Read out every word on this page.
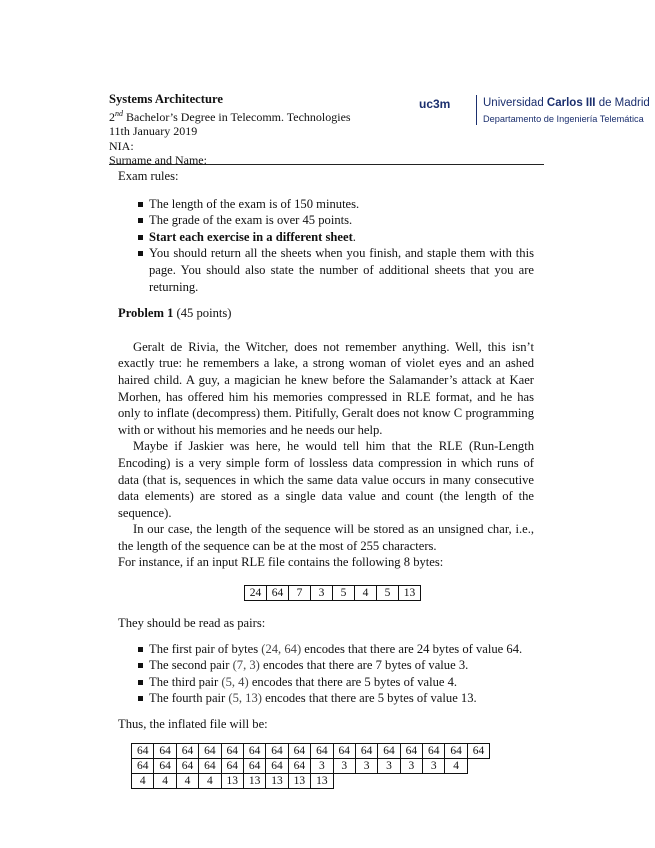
Systems Architecture
2nd Bachelor’s Degree in Telecomm. Technologies
11th January 2019
NIA:
Surname and Name:
uc3m	Universidad Carlos III de Madrid
Departamento de Ingeniería Telemática

Exam rules:

The length of the exam is of 150 minutes.
The grade of the exam is over 45 points.
Start each exercise in a different sheet.
You should return all the sheets when you finish, and staple them with this page. You should also state the number of additional sheets that you are returning.

Problem 1 (45 points)

Geralt de Rivia, the Witcher, does not remember anything. Well, this isn’t exactly true: he remembers a lake, a strong woman of violet eyes and an ashed haired child. A guy, a magician he knew before the Salamander’s attack at Kaer Morhen, has offered him his memories compressed in RLE format, and he has only to inflate (decompress) them. Pitifully, Geralt does not know C programming with or without his memories and he needs our help.

Maybe if Jaskier was here, he would tell him that the RLE (Run-Length Encoding) is a very simple form of lossless data compression in which runs of data (that is, sequences in which the same data value occurs in many consecutive data elements) are stored as a single data value and count (the length of the sequence).

In our case, the length of the sequence will be stored as an unsigned char, i.e., the length of the sequence can be at the most of 255 characters.

For instance, if an input RLE file contains the following 8 bytes:

24	64	7	3	5	4	5	13

They should be read as pairs:

The first pair of bytes (24, 64) encodes that there are 24 bytes of value 64.
The second pair (7, 3) encodes that there are 7 bytes of value 3.
The third pair (5, 4) encodes that there are 5 bytes of value 4.
The fourth pair (5, 13) encodes that there are 5 bytes of value 13.

Thus, the inflated file will be:

64	64	64	64	64	64	64	64	64	64	64	64	64	64	64	64
64	64	64	64	64	64	64	64	3	3	3	3	3	3	4	
4	4	4	4	13	13	13	13	13							
